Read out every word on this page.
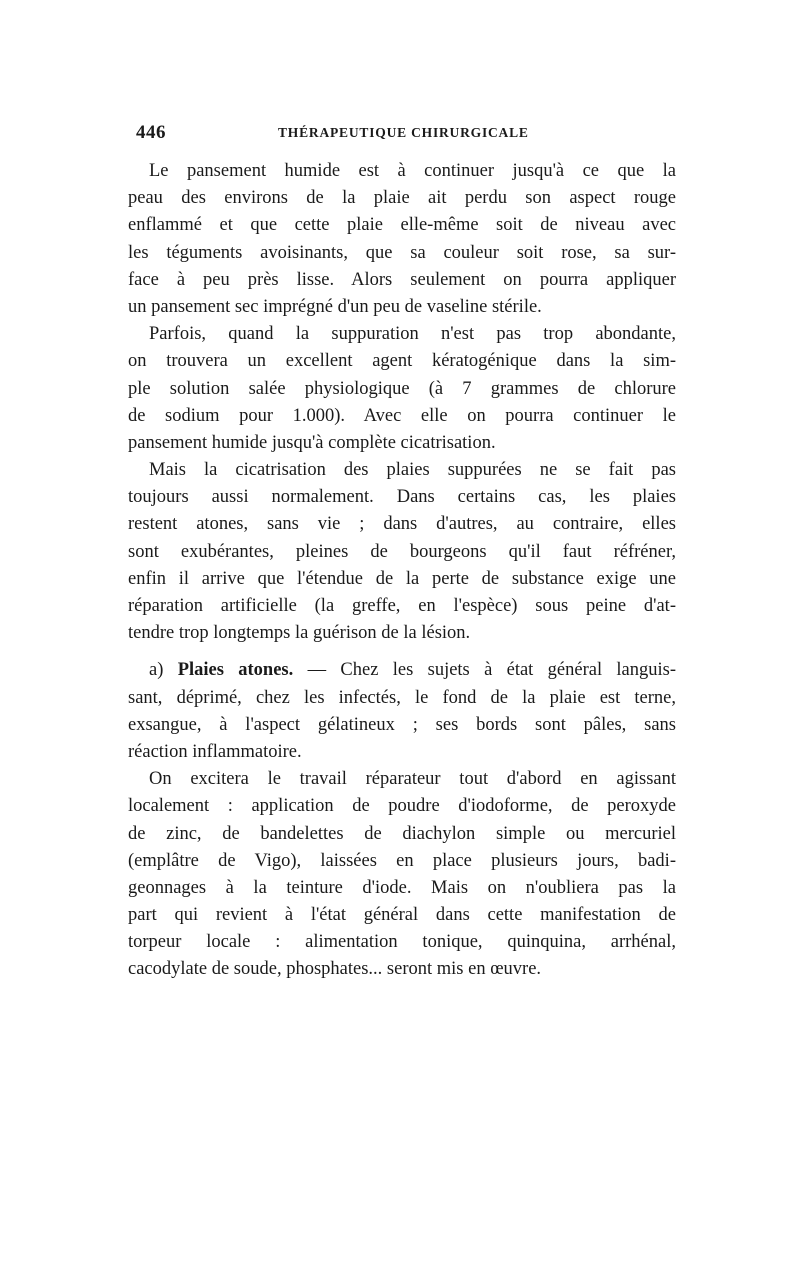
446	THÉRAPEUTIQUE CHIRURGICALE
Le pansement humide est à continuer jusqu'à ce que la
peau des environs de la plaie ait perdu son aspect rouge
enflammé et que cette plaie elle-même soit de niveau avec
les téguments avoisinants, que sa couleur soit rose, sa sur-
face à peu près lisse. Alors seulement on pourra appliquer
un pansement sec imprégné d'un peu de vaseline stérile.
Parfois, quand la suppuration n'est pas trop abondante,
on trouvera un excellent agent kératogénique dans la sim-
ple solution salée physiologique (à 7 grammes de chlorure
de sodium pour 1.000). Avec elle on pourra continuer le
pansement humide jusqu'à complète cicatrisation.
Mais la cicatrisation des plaies suppurées ne se fait pas
toujours aussi normalement. Dans certains cas, les plaies
restent atones, sans vie ; dans d'autres, au contraire, elles
sont exubérantes, pleines de bourgeons qu'il faut réfréner,
enfin il arrive que l'étendue de la perte de substance exige une
réparation artificielle (la greffe, en l'espèce) sous peine d'at-
tendre trop longtemps la guérison de la lésion.
a) Plaies atones. — Chez les sujets à état général languis-
sant, déprimé, chez les infectés, le fond de la plaie est terne,
exsangue, à l'aspect gélatineux ; ses bords sont pâles, sans
réaction inflammatoire.
On excitera le travail réparateur tout d'abord en agissant
localement : application de poudre d'iodoforme, de peroxyde
de zinc, de bandelettes de diachylon simple ou mercuriel
(emplâtre de Vigo), laissées en place plusieurs jours, badi-
geonnages à la teinture d'iode. Mais on n'oubliera pas la
part qui revient à l'état général dans cette manifestation de
torpeur locale : alimentation tonique, quinquina, arrhénal,
cacodylate de soude, phosphates... seront mis en œuvre.
